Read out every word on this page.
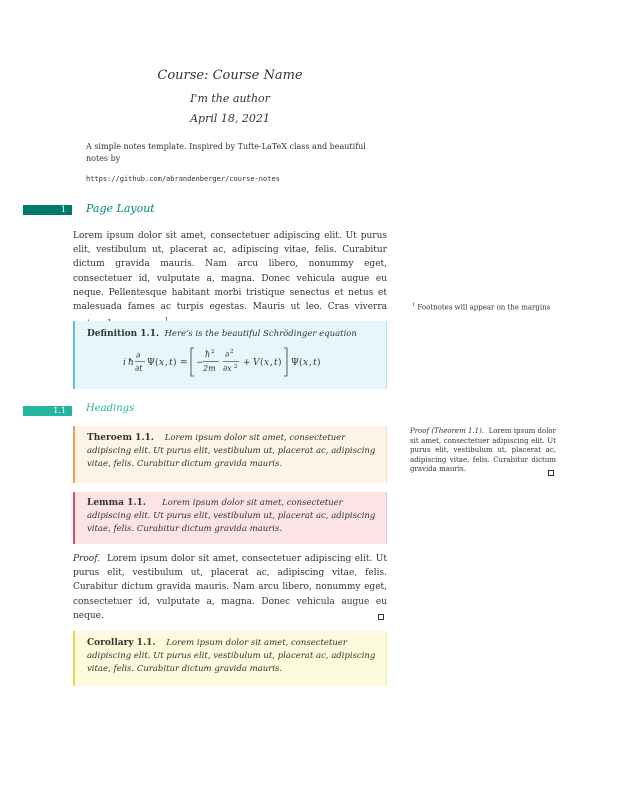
Course: Course Name
I'm the author
April 18, 2021
A simple notes template. Inspired by Tufte-LaTeX class and beautiful notes by
https://github.com/abrandenberger/course-notes
1	Page Layout
Lorem ipsum dolor sit amet, consectetuer adipiscing elit. Ut purus elit, vestibulum ut, placerat ac, adipiscing vitae, felis. Curabitur dictum gravida mauris. Nam arcu libero, nonummy eget, consectetuer id, vulputate a, magna. Donec vehicula augue eu neque. Pellentesque habitant morbi tristique senectus et netus et malesuada fames ac turpis egestas. Mauris ut leo. Cras viverra	$^1$ Footnotes will appear on the margins
Definition 1.1. Here's is the beautiful Schrödinger equation
i ħ
∂
∂t
Ψ ( x , t ) = −
ħ 2
2m
∂ 2
∂x 2 + V ( x , t ) Ψ ( x , t )
1.1	Headings
Theroem 1.1. Lorem ipsum dolor sit amet, consectetuer adipiscing elit. Ut purus elit, vestibulum ut, placerat ac, adipiscing vitae, felis. Curabitur dictum gravida mauris.
Proof (Theorem 1.1). Lorem ipsum dolor sit amet, consectetuer adipiscing elit. Ut purus elit, vestibulum ut, placerat ac, adipiscing vitae, felis. Curabitur dictum gravida mauris.
Lemma 1.1. Lorem ipsum dolor sit amet, consectetuer adipiscing elit. Ut purus elit, vestibulum ut, placerat ac, adipiscing vitae, felis. Curabitur dictum gravida mauris.
Proof. Lorem ipsum dolor sit amet, consectetuer adipiscing elit. Ut purus elit, vestibulum ut, placerat ac, adipiscing vitae, felis. Curabitur dictum gravida mauris. Nam arcu libero, nonummy eget, consectetuer id, vulputate a, magna. Donec vehicula augue eu neque.
Corollary 1.1. Lorem ipsum dolor sit amet, consectetuer adipiscing elit. Ut purus elit, vestibulum ut, placerat ac, adipiscing vitae, felis. Curabitur dictum gravida mauris.
